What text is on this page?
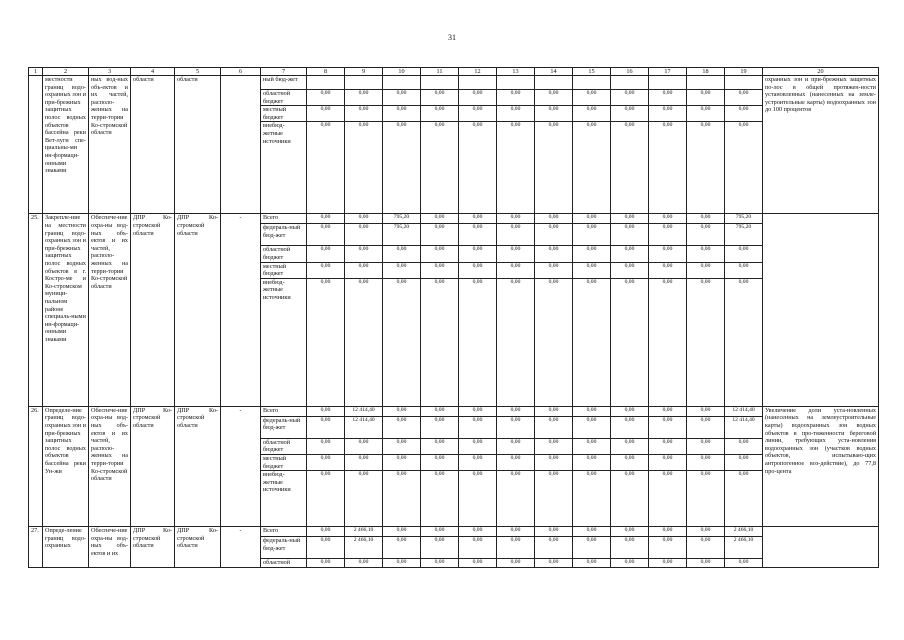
31
1	2	3	4	5	6	7	8	9	10	11	12	13	14	15	16	17	18	19	20
	местности границ водо-охранных зон и при-брежных защитных полос водных объектов бассейна реки Вет-луги спе-циальны-ми ин-формаци-онными знаками	ных вод-ных объ-ектов и их частей, располо-женных на терри-тории Ко-стромской области	области	области		ный бюд-жет													охранных зон и при-брежных защитных по-лос в общей протяжен-ности установленных (нанесенных на земле-устроительные карты) водоохранных зон до 100 процентов
						областной бюджет	0,00	0,00	0,00	0,00	0,00	0,00	0,00	0,00	0,00	0,00	0,00	0,00	
						местный бюджет	0,00	0,00	0,00	0,00	0,00	0,00	0,00	0,00	0,00	0,00	0,00	0,00	
						внебюд-жетные источники	0,00	0,00	0,00	0,00	0,00	0,00	0,00	0,00	0,00	0,00	0,00	0,00	
25.	Закрепле-ние на местности границ водо-охранных зон и при-брежных защитных полос водных объектов в г. Костро-ме и Ко-стромском муници-пальном районе специаль-ными ин-формаци-онными знаками	Обеспече-ние охра-ны вод-ных объ-ектов и их частей, располо-женных на терри-тории Ко-стромской области	ДПР Ко-стромской области	ДПР Ко-стромской области	-	Всего	0,00	0,00	795,20	0,00	0,00	0,00	0,00	0,00	0,00	0,00	0,00	795,20	
						федераль-ный бюд-жет	0,00	0,00	795,20	0,00	0,00	0,00	0,00	0,00	0,00	0,00	0,00	795,20	
						областной бюджет	0,00	0,00	0,00	0,00	0,00	0,00	0,00	0,00	0,00	0,00	0,00	0,00	
						местный бюджет	0,00	0,00	0,00	0,00	0,00	0,00	0,00	0,00	0,00	0,00	0,00	0,00	
						внебюд-жетные источники	0,00	0,00	0,00	0,00	0,00	0,00	0,00	0,00	0,00	0,00	0,00	0,00	
26.	Определе-ние границ водо-охранных зон и при-брежных защитных полос водных объектов бассейна реки Ун-жи	Обеспече-ние охра-ны вод-ных объ-ектов и их частей, располо-женных на терри-тории Ко-стромской области	ДПР Ко-стромской области	ДПР Ко-стромской области	-	Всего	0,00	12 414,40	0,00	0,00	0,00	0,00	0,00	0,00	0,00	0,00	0,00	12 414,40	Увеличение доли уста-новленных (нанесенных на землеустроительные карты) водоохранных зон водных объектов в про-тяженности береговой линии, требующих уста-новления водоохранных зон (участков водных объектов, испытываю-щих антропогенное воз-действие), до 77,8 про-цента
						федераль-ный бюд-жет	0,00	12 414,40	0,00	0,00	0,00	0,00	0,00	0,00	0,00	0,00	0,00	12 414,40	
						областной бюджет	0,00	0,00	0,00	0,00	0,00	0,00	0,00	0,00	0,00	0,00	0,00	0,00	
						местный бюджет	0,00	0,00	0,00	0,00	0,00	0,00	0,00	0,00	0,00	0,00	0,00	0,00	
						внебюд-жетные источники	0,00	0,00	0,00	0,00	0,00	0,00	0,00	0,00	0,00	0,00	0,00	0,00	
27.	Опреде-ление границ водо-охранных	Обеспече-ние охра-ны вод-ных объ-ектов и их	ДПР Ко-стромской области	ДПР Ко-стромской области	-	Всего	0,00	2 466,10	0,00	0,00	0,00	0,00	0,00	0,00	0,00	0,00	0,00	2 466,10	
						федераль-ный бюд-жет	0,00	2 466,10	0,00	0,00	0,00	0,00	0,00	0,00	0,00	0,00	0,00	2 466,10	
						областной	0,00	0,00	0,00	0,00	0,00	0,00	0,00	0,00	0,00	0,00	0,00	0,00	
